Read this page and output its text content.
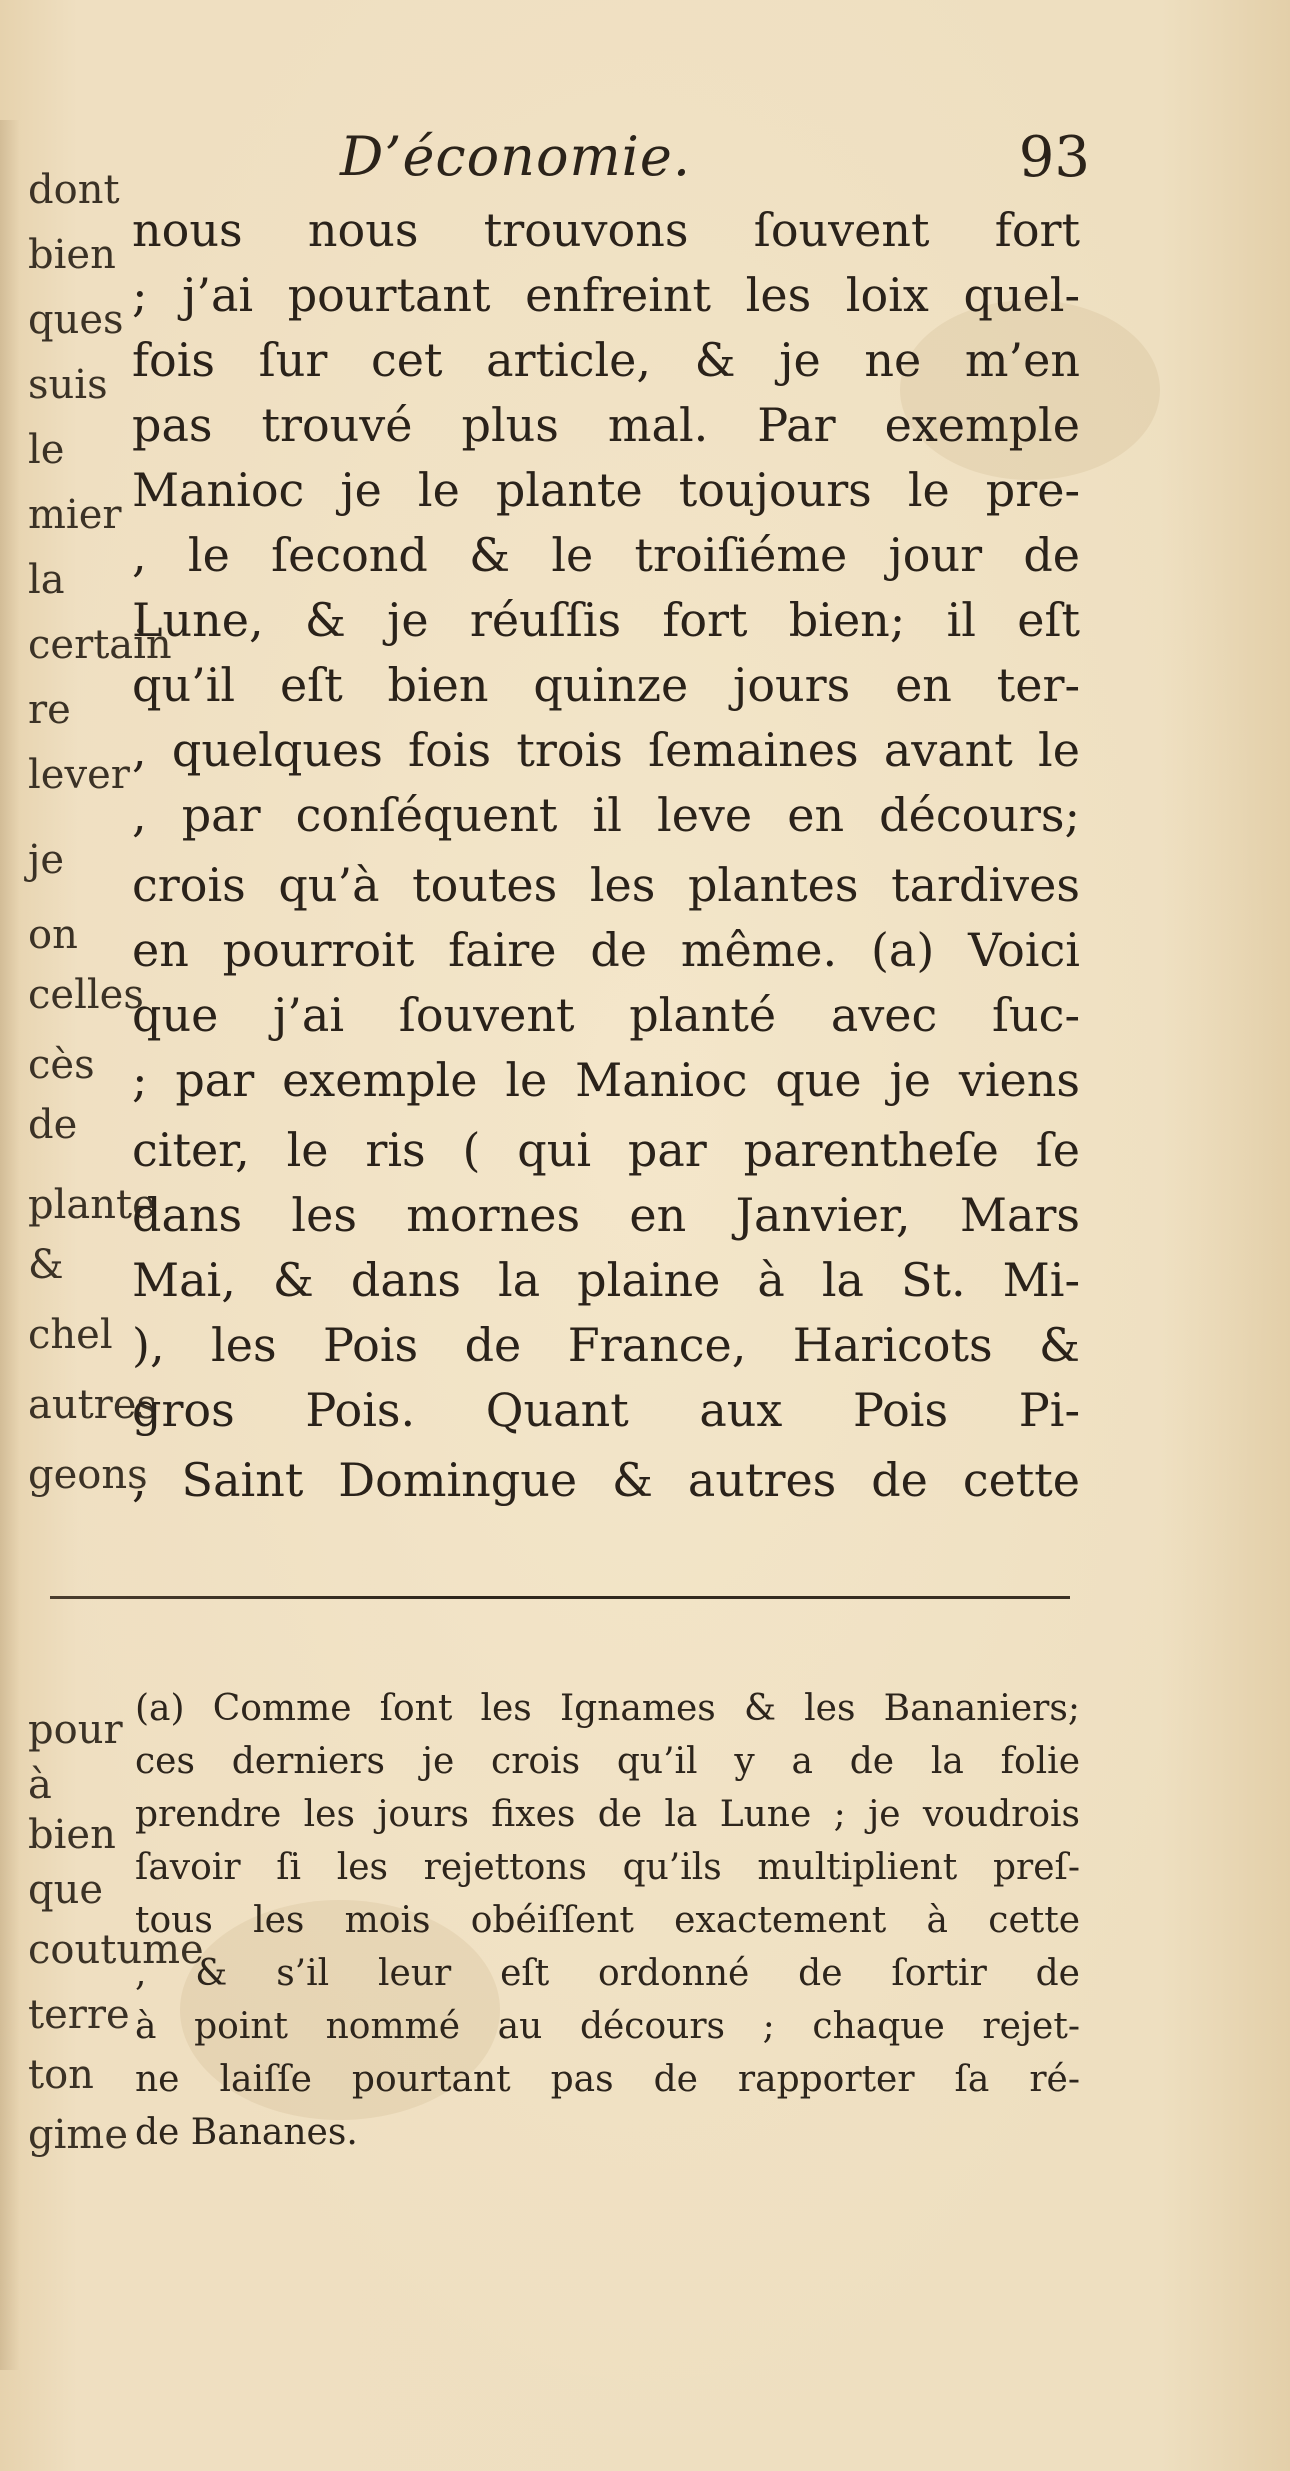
D’économie.	93
dont
bien
ques
suis
le
mier
la
certain
re
lever
je
on
celles
cès
de
plante
&
chel
autres
geons
nous nous trouvons ſouvent fort
; j’ai pourtant enfreint les loix quel-
fois ſur cet article, & je ne m’en
pas trouvé plus mal. Par exemple
Manioc je le plante toujours le pre-
, le ſecond & le troiſiéme jour de
Lune, & je réuſſis fort bien; il eſt
qu’il eſt bien quinze jours en ter-
, quelques fois trois ſemaines avant le
, par conſéquent il leve en décours;
crois qu’à toutes les plantes tardives
en pourroit faire de même. (a) Voici
que j’ai ſouvent planté avec ſuc-
; par exemple le Manioc que je viens
citer, le ris ( qui par parentheſe ſe
dans les mornes en Janvier, Mars
Mai, & dans la plaine à la St. Mi-
), les Pois de France, Haricots &
gros Pois. Quant aux Pois Pi-
, Saint Domingue & autres de cette
pour
à
bien
que
coutume
terre
ton
gime
(a) Comme ſont les Ignames & les Bananiers;
ces derniers je crois qu’il y a de la folie
prendre les jours fixes de la Lune ; je voudrois
ſavoir ſi les rejettons qu’ils multiplient preſ-
tous les mois obéiſſent exactement à cette
, & s’il leur eſt ordonné de ſortir de
à point nommé au décours ; chaque rejet-
ne laiſſe pourtant pas de rapporter ſa ré-
de Bananes.
